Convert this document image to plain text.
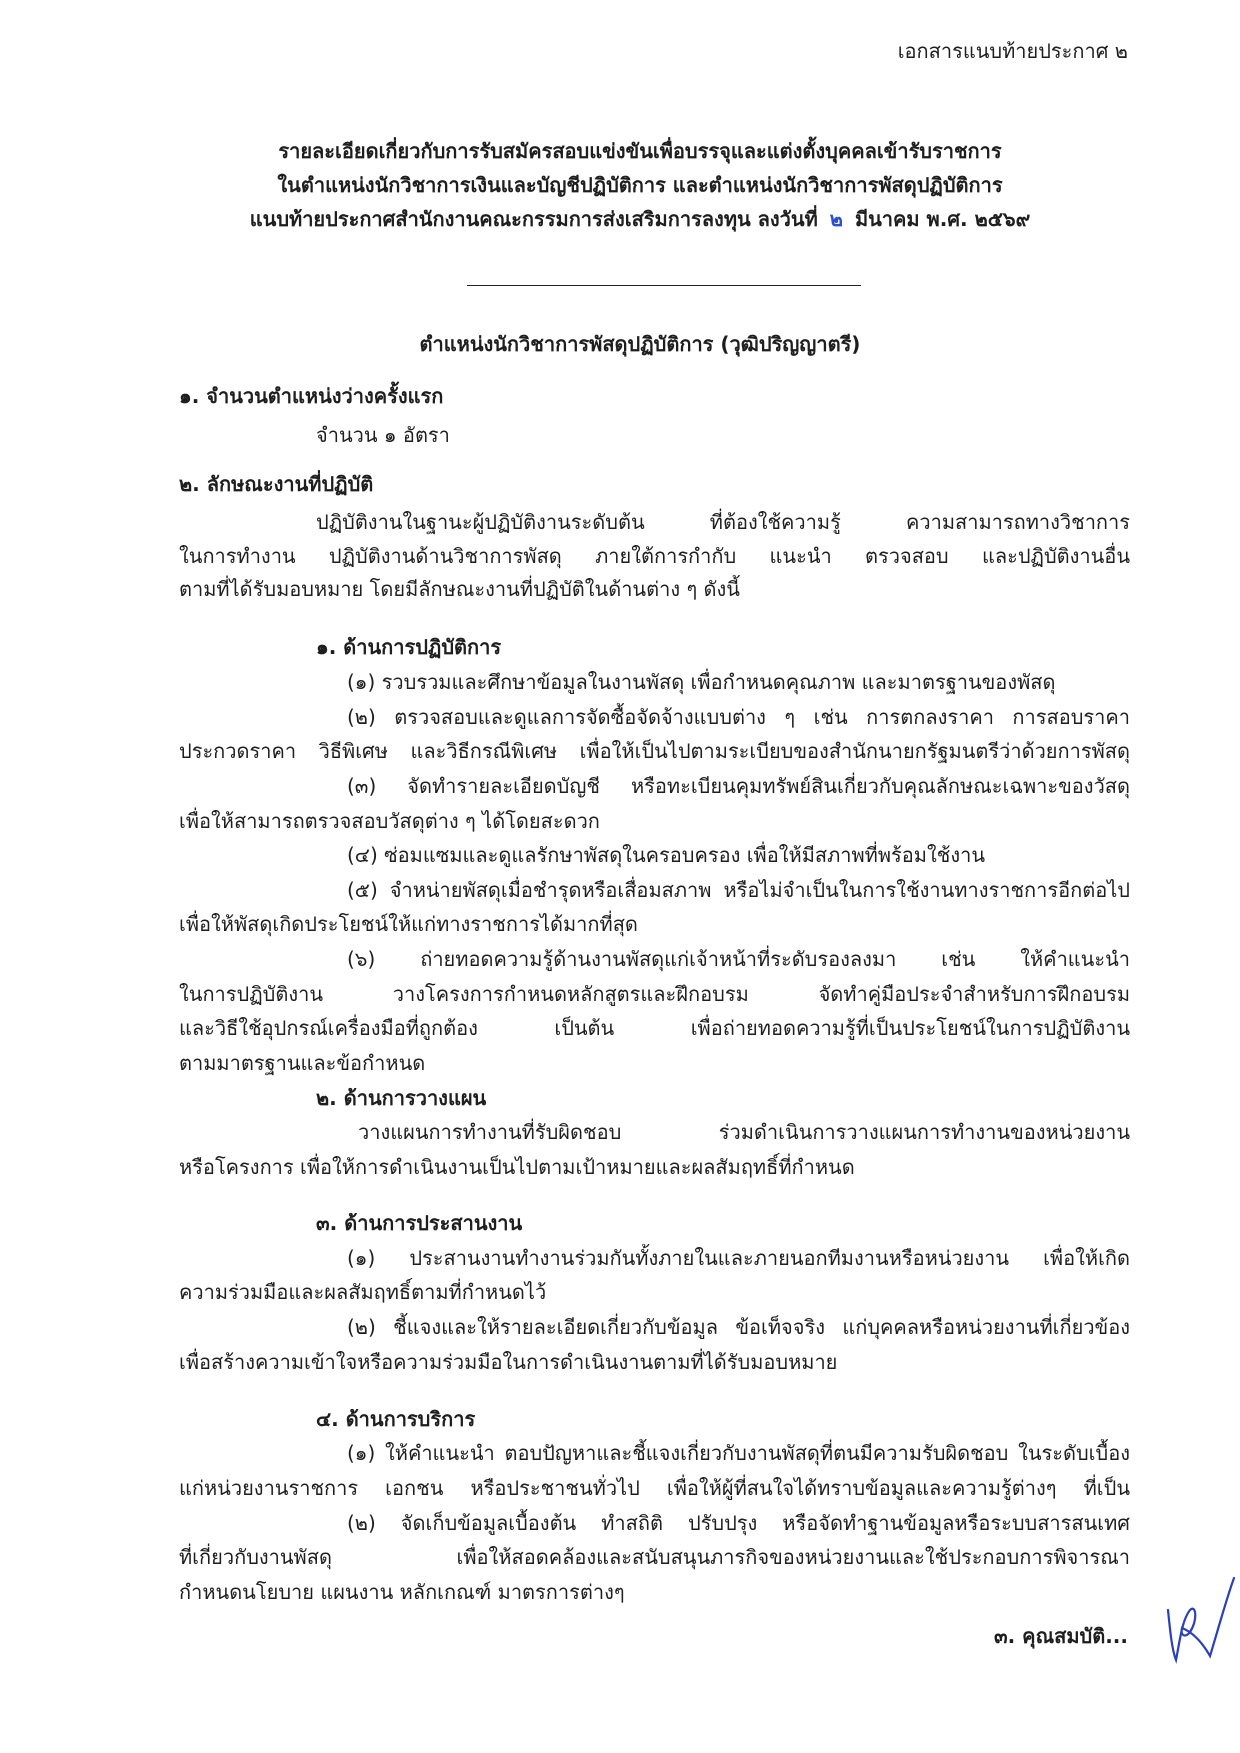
เอกสารแนบท้ายประกาศ ๒
รายละเอียดเกี่ยวกับการรับสมัครสอบแข่งขันเพื่อบรรจุและแต่งตั้งบุคคลเข้ารับราชการ
ในตำแหน่งนักวิชาการเงินและบัญชีปฏิบัติการ และตำแหน่งนักวิชาการพัสดุปฏิบัติการ
แนบท้ายประกาศสำนักงานคณะกรรมการส่งเสริมการลงทุน ลงวันที่ ๒ มีนาคม พ.ศ. ๒๕๖๙
ตำแหน่งนักวิชาการพัสดุปฏิบัติการ (วุฒิปริญญาตรี)
๑. จำนวนตำแหน่งว่างครั้งแรก
จำนวน ๑ อัตรา
๒. ลักษณะงานที่ปฏิบัติ
ปฏิบัติงานในฐานะผู้ปฏิบัติงานระดับต้น ที่ต้องใช้ความรู้ ความสามารถทางวิชาการ
ในการทำงาน ปฏิบัติงานด้านวิชาการพัสดุ ภายใต้การกำกับ แนะนำ ตรวจสอบ และปฏิบัติงานอื่น
ตามที่ได้รับมอบหมาย โดยมีลักษณะงานที่ปฏิบัติในด้านต่าง ๆ ดังนี้
๑. ด้านการปฏิบัติการ
(๑) รวบรวมและศึกษาข้อมูลในงานพัสดุ เพื่อกำหนดคุณภาพ และมาตรฐานของพัสดุ
(๒) ตรวจสอบและดูแลการจัดซื้อจัดจ้างแบบต่าง ๆ เช่น การตกลงราคา การสอบราคา
ประกวดราคา วิธีพิเศษ และวิธีกรณีพิเศษ เพื่อให้เป็นไปตามระเบียบของสำนักนายกรัฐมนตรีว่าด้วยการพัสดุ
(๓) จัดทำรายละเอียดบัญชี หรือทะเบียนคุมทรัพย์สินเกี่ยวกับคุณลักษณะเฉพาะของวัสดุ
เพื่อให้สามารถตรวจสอบวัสดุต่าง ๆ ได้โดยสะดวก
(๔) ซ่อมแซมและดูแลรักษาพัสดุในครอบครอง เพื่อให้มีสภาพที่พร้อมใช้งาน
(๕) จำหน่ายพัสดุเมื่อชำรุดหรือเสื่อมสภาพ หรือไม่จำเป็นในการใช้งานทางราชการอีกต่อไป
เพื่อให้พัสดุเกิดประโยชน์ให้แก่ทางราชการได้มากที่สุด
(๖) ถ่ายทอดความรู้ด้านงานพัสดุแก่เจ้าหน้าที่ระดับรองลงมา เช่น ให้คำแนะนำ
ในการปฏิบัติงาน วางโครงการกำหนดหลักสูตรและฝึกอบรม จัดทำคู่มือประจำสำหรับการฝึกอบรม
และวิธีใช้อุปกรณ์เครื่องมือที่ถูกต้อง เป็นต้น เพื่อถ่ายทอดความรู้ที่เป็นประโยชน์ในการปฏิบัติงาน
ตามมาตรฐานและข้อกำหนด
๒. ด้านการวางแผน
วางแผนการทำงานที่รับผิดชอบ ร่วมดำเนินการวางแผนการทำงานของหน่วยงาน
หรือโครงการ เพื่อให้การดำเนินงานเป็นไปตามเป้าหมายและผลสัมฤทธิ์ที่กำหนด
๓. ด้านการประสานงาน
(๑) ประสานงานทำงานร่วมกันทั้งภายในและภายนอกทีมงานหรือหน่วยงาน เพื่อให้เกิด
ความร่วมมือและผลสัมฤทธิ์ตามที่กำหนดไว้
(๒) ชี้แจงและให้รายละเอียดเกี่ยวกับข้อมูล ข้อเท็จจริง แก่บุคคลหรือหน่วยงานที่เกี่ยวข้อง
เพื่อสร้างความเข้าใจหรือความร่วมมือในการดำเนินงานตามที่ได้รับมอบหมาย
๔. ด้านการบริการ
(๑) ให้คำแนะนำ ตอบปัญหาและชี้แจงเกี่ยวกับงานพัสดุที่ตนมีความรับผิดชอบ ในระดับเบื้อง
แก่หน่วยงานราชการ เอกชน หรือประชาชนทั่วไป เพื่อให้ผู้ที่สนใจได้ทราบข้อมูลและความรู้ต่างๆ ที่เป็น
(๒) จัดเก็บข้อมูลเบื้องต้น ทำสถิติ ปรับปรุง หรือจัดทำฐานข้อมูลหรือระบบสารสนเทศ
ที่เกี่ยวกับงานพัสดุ เพื่อให้สอดคล้องและสนับสนุนภารกิจของหน่วยงานและใช้ประกอบการพิจารณา
กำหนดนโยบาย แผนงาน หลักเกณฑ์ มาตรการต่างๆ
๓. คุณสมบัติ...
